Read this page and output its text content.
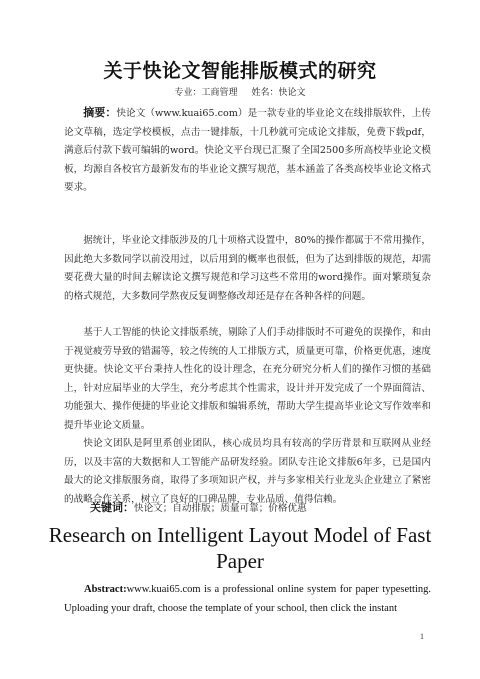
关于快论文智能排版模式的研究
专业：工商管理 姓名：快论文

摘要：快论文（www.kuai65.com）是一款专业的毕业论文在线排版软件，上传论文草稿，选定学校模板，点击一键排版，十几秒就可完成论文排版，免费下载pdf，满意后付款下载可编辑的word。快论文平台现已汇聚了全国2500多所高校毕业论文模板，均源自各校官方最新发布的毕业论文撰写规范，基本涵盖了各类高校毕业论文格式要求。

据统计，毕业论文排版涉及的几十项格式设置中，80%的操作都属于不常用操作，因此绝大多数同学以前没用过，以后用到的概率也很低，但为了达到排版的规范，却需要花费大量的时间去解读论文撰写规范和学习这些不常用的word操作。面对繁琐复杂的格式规范，大多数同学熬夜反复调整修改却还是存在各种各样的问题。

基于人工智能的快论文排版系统，剔除了人们手动排版时不可避免的误操作，和由于视觉疲劳导致的错漏等，较之传统的人工排版方式，质量更可靠，价格更优惠，速度更快捷。快论文平台秉持人性化的设计理念，在充分研究分析人们的操作习惯的基础上，针对应届毕业的大学生，充分考虑其个性需求，设计并开发完成了一个界面简洁、功能强大、操作便捷的毕业论文排版和编辑系统，帮助大学生提高毕业论文写作效率和提升毕业论文质量。

快论文团队是阿里系创业团队，核心成员均具有较高的学历背景和互联网从业经历，以及丰富的大数据和人工智能产品研发经验。团队专注论文排版6年多，已是国内最大的论文排版服务商，取得了多项知识产权，并与多家相关行业龙头企业建立了紧密的战略合作关系，树立了良好的口碑品牌，专业品质、值得信赖。

关键词：快论文；自动排版；质量可靠；价格优惠
Research on Intelligent Layout Model of Fast Paper
Abstract:www.kuai65.com is a professional online system for paper typesetting. Uploading your draft, choose the template of your school, then click the instant
1
